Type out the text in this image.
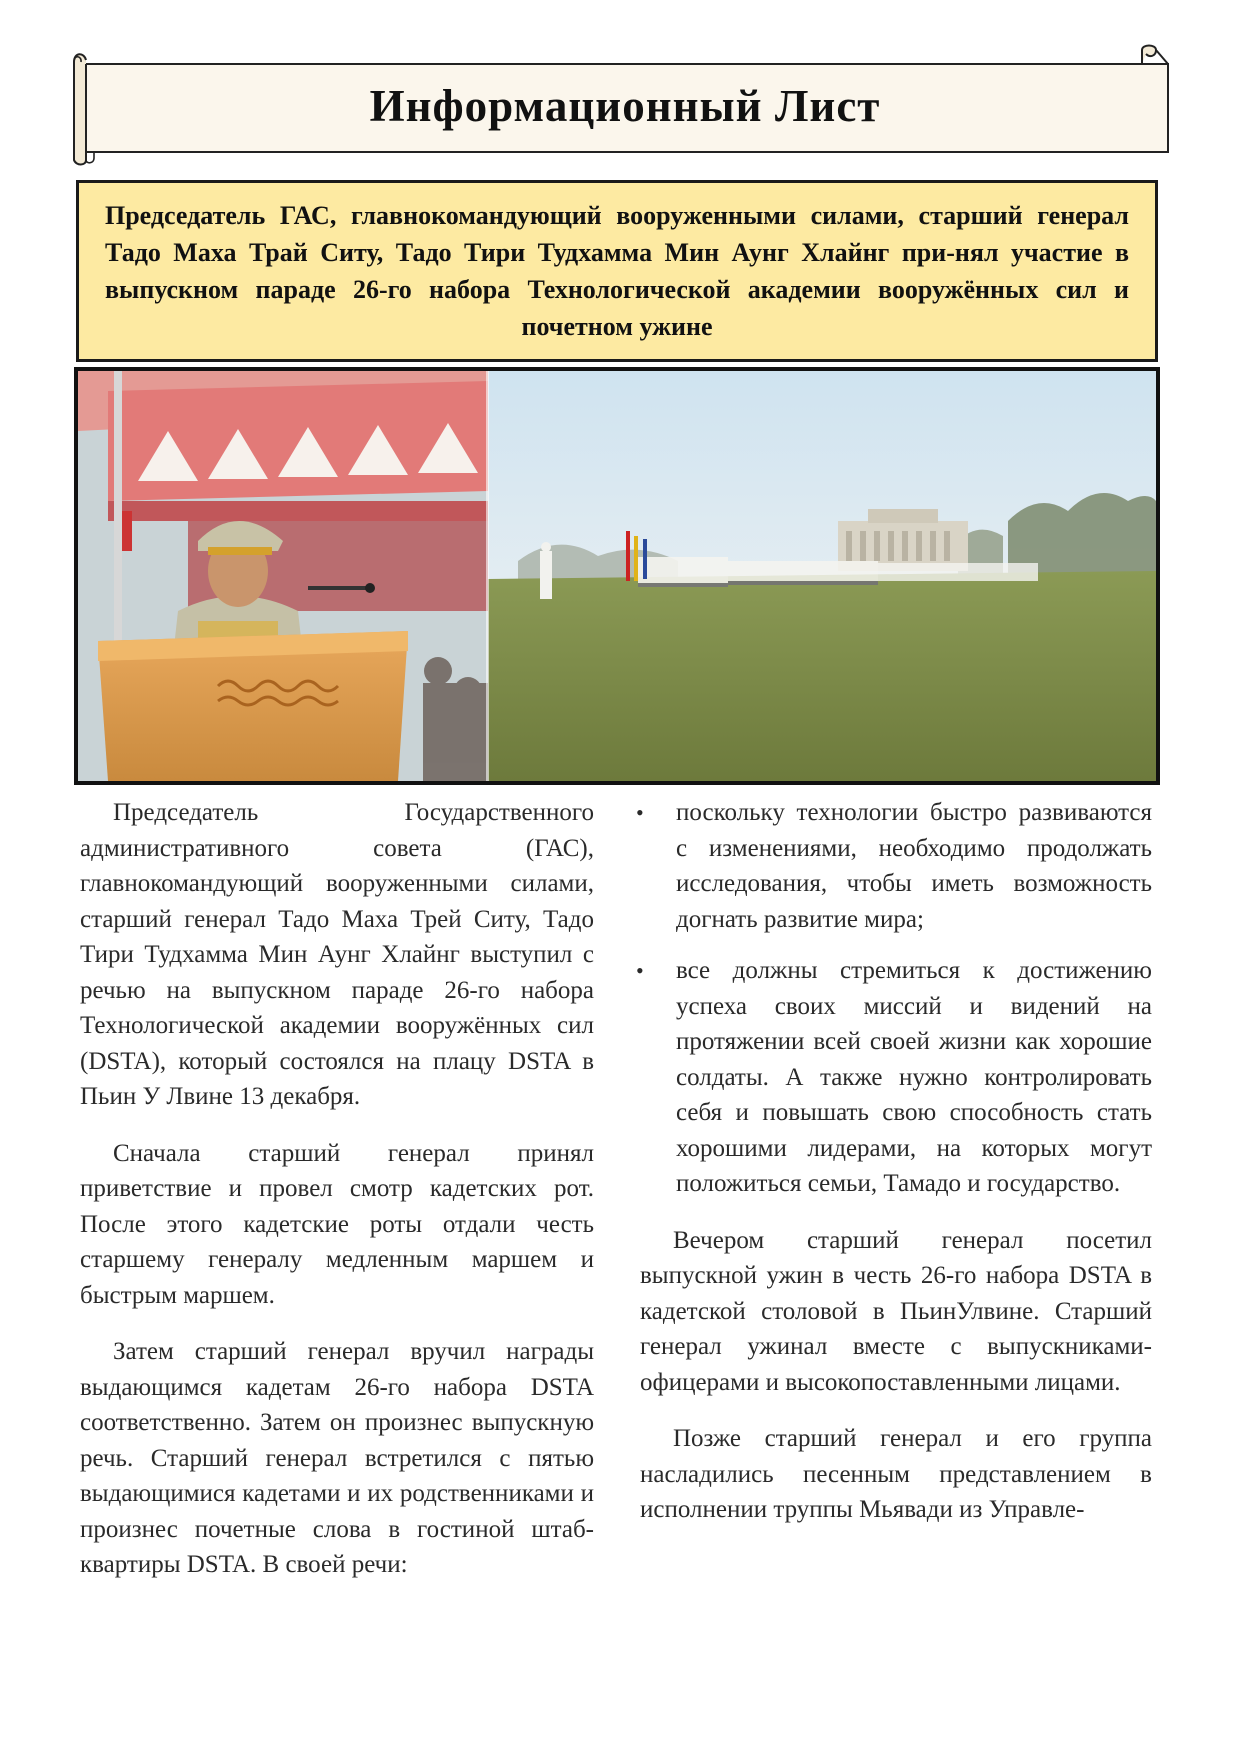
Информационный Лист
Председатель ГАС, главнокомандующий вооруженными силами, старший генерал Тадо Маха Трай Ситу, Тадо Тири Тудхамма Мин Аунг Хлайнг при-нял участие в выпускном параде 26-го набора Технологической академии вооружённых сил и почетном ужине

Председатель Государственного административного совета (ГАС), главнокомандующий вооруженными силами, старший генерал Тадо Маха Трей Ситу, Тадо Тири Тудхамма Мин Аунг Хлайнг выступил с речью на выпускном параде 26-го набора Технологической академии вооружённых сил (DSTA), который состоялся на плацу DSTA в Пьин У Лвине 13 декабря.

Сначала старший генерал принял приветствие и провел смотр кадетских рот. После этого кадетские роты отдали честь старшему генералу медленным маршем и быстрым маршем.

Затем старший генерал вручил награды выдающимся кадетам 26-го набора DSTA соответственно. Затем он произнес выпускную речь. Старший генерал встретился с пятью выдающимися кадетами и их родственниками и произнес почетные слова в гостиной штаб-квартиры DSTA. В своей речи:

• поскольку технологии быстро развиваются с изменениями, необходимо продолжать исследования, чтобы иметь возможность догнать развитие мира;
• все должны стремиться к достижению успеха своих миссий и видений на протяжении всей своей жизни как хорошие солдаты. А также нужно контролировать себя и повышать свою способность стать хорошими лидерами, на которых могут положиться семьи, Тамадо и государство.

Вечером старший генерал посетил выпускной ужин в честь 26-го набора DSTA в кадетской столовой в ПьинУлвине. Старший генерал ужинал вместе с выпускниками-офицерами и высокопоставленными лицами.

Позже старший генерал и его группа насладились песенным представлением в исполнении труппы Мьявади из Управле-
